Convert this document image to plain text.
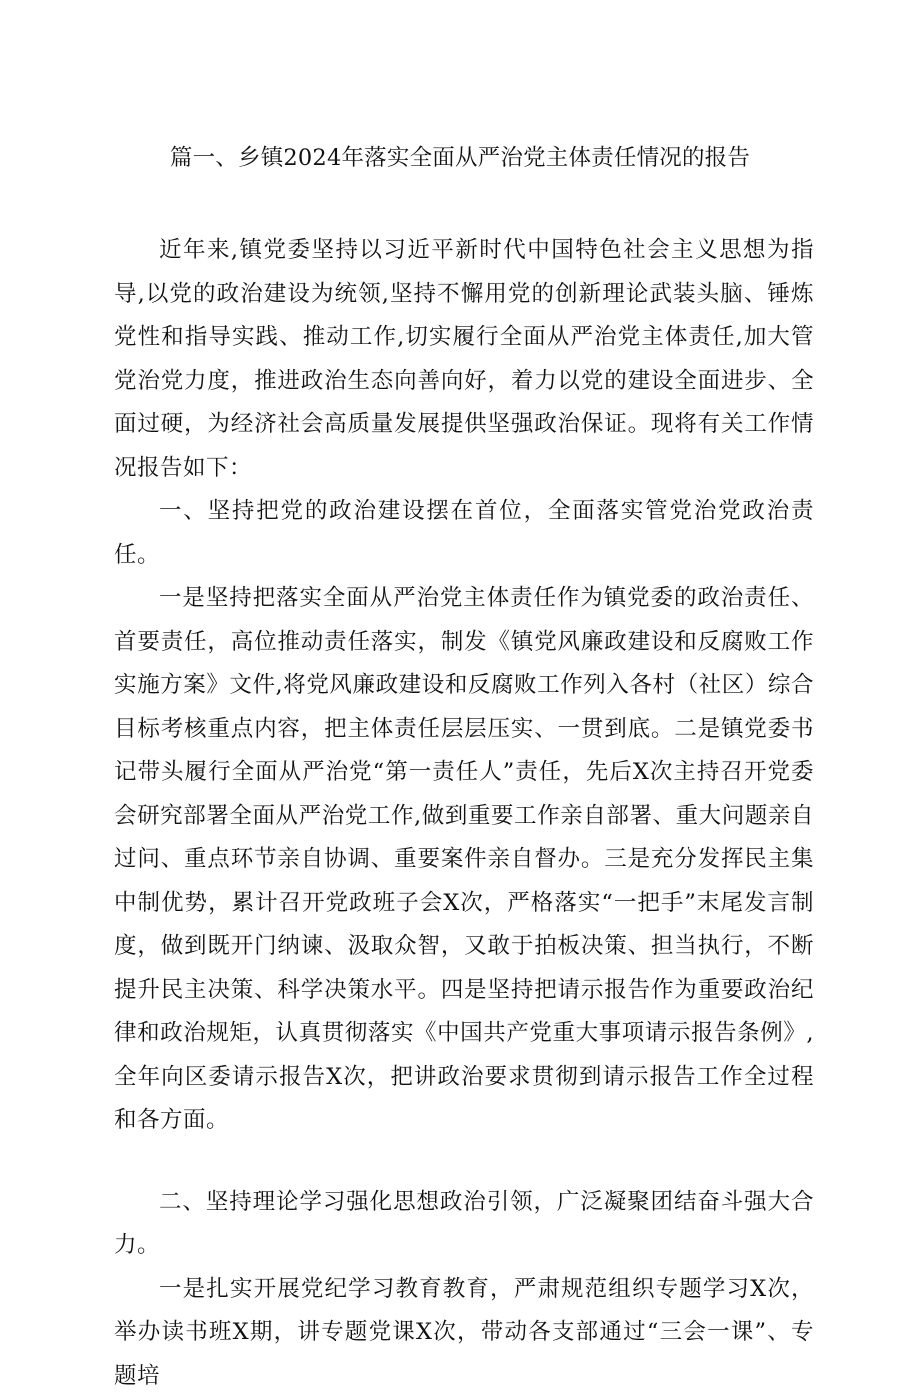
篇一、乡镇2024年落实全面从严治党主体责任情况的报告

近年来,镇党委坚持以习近平新时代中国特色社会主义思想为指导,以党的政治建设为统领,坚持不懈用党的创新理论武装头脑、锤炼党性和指导实践、推动工作,切实履行全面从严治党主体责任,加大管党治党力度，推进政治生态向善向好，着力以党的建设全面进步、全面过硬，为经济社会高质量发展提供坚强政治保证。现将有关工作情况报告如下：

一、坚持把党的政治建设摆在首位，全面落实管党治党政治责任。

一是坚持把落实全面从严治党主体责任作为镇党委的政治责任、首要责任，高位推动责任落实，制发《镇党风廉政建设和反腐败工作实施方案》文件,将党风廉政建设和反腐败工作列入各村（社区）综合目标考核重点内容，把主体责任层层压实、一贯到底。二是镇党委书记带头履行全面从严治党“第一责任人”责任，先后X次主持召开党委会研究部署全面从严治党工作,做到重要工作亲自部署、重大问题亲自过问、重点环节亲自协调、重要案件亲自督办。三是充分发挥民主集中制优势，累计召开党政班子会X次，严格落实“一把手”末尾发言制度，做到既开门纳谏、汲取众智，又敢于拍板决策、担当执行，不断提升民主决策、科学决策水平。四是坚持把请示报告作为重要政治纪律和政治规矩，认真贯彻落实《中国共产党重大事项请示报告条例》,全年向区委请示报告X次，把讲政治要求贯彻到请示报告工作全过程和各方面。

二、坚持理论学习强化思想政治引领，广泛凝聚团结奋斗强大合力。

一是扎实开展党纪学习教育教育，严肃规范组织专题学习X次，举办读书班X期，讲专题党课X次，带动各支部通过“三会一课”、专题培
